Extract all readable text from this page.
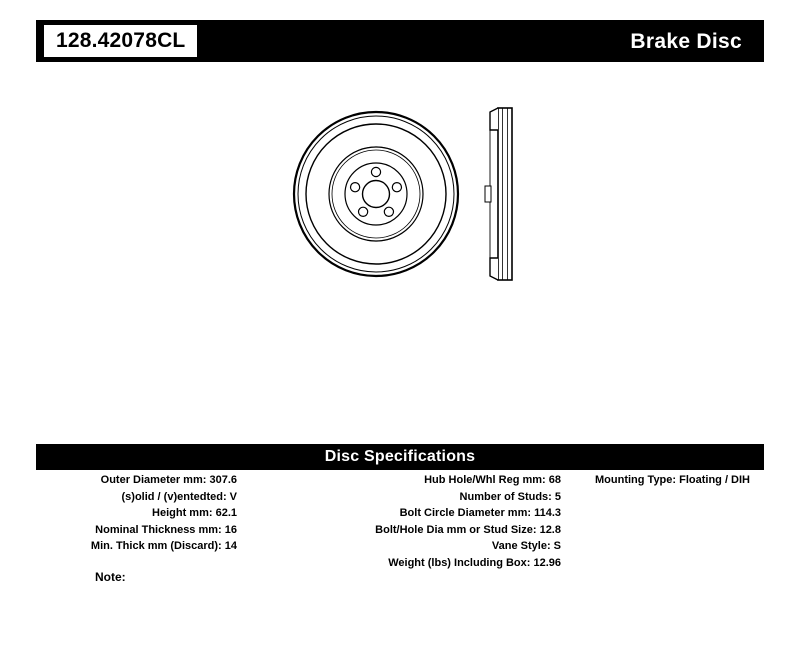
128.42078CL	Brake Disc
Disc Specifications
Outer Diameter mm: 307.6
(s)olid / (v)entedted: V
Height mm: 62.1
Nominal Thickness mm: 16
Min. Thick mm (Discard): 14
Hub Hole/Whl Reg mm: 68
Number of Studs: 5
Bolt Circle Diameter mm: 114.3
Bolt/Hole Dia mm or Stud Size: 12.8
Vane Style: S
Weight (lbs) Including Box: 12.96
Mounting Type: Floating / DIH
Note:
